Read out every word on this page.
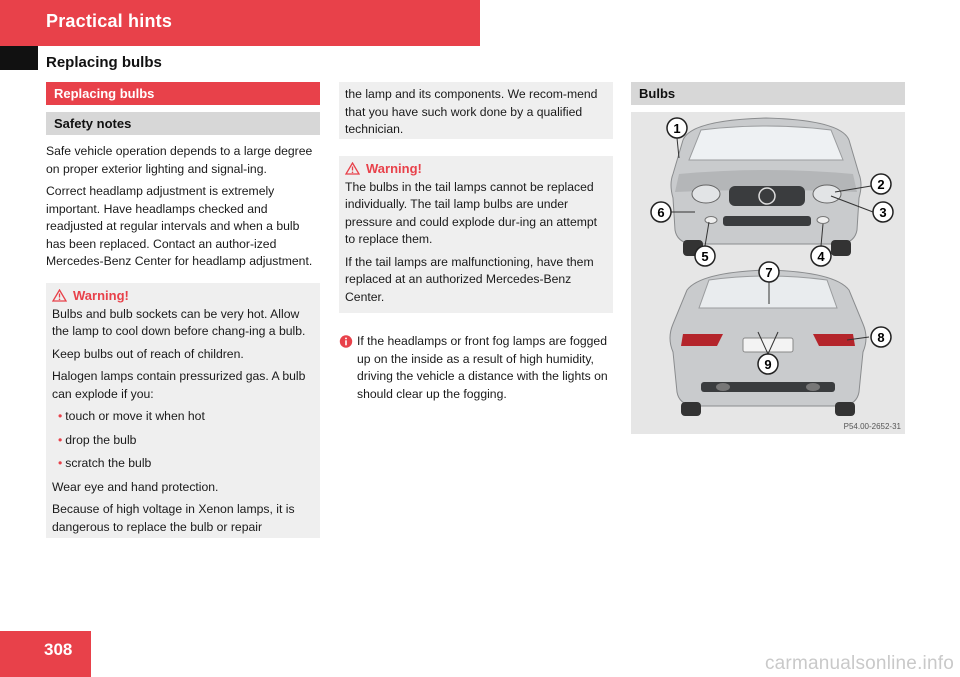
Practical hints
Replacing bulbs
Replacing bulbs
Safety notes

Safe vehicle operation depends to a large degree on proper exterior lighting and signal-ing.

Correct headlamp adjustment is extremely important. Have headlamps checked and readjusted at regular intervals and when a bulb has been replaced. Contact an author-ized Mercedes-Benz Center for headlamp adjustment.

Warning!

Bulbs and bulb sockets can be very hot. Allow the lamp to cool down before chang-ing a bulb.

Keep bulbs out of reach of children.

Halogen lamps contain pressurized gas. A bulb can explode if you:

• touch or move it when hot

• drop the bulb

• scratch the bulb

Wear eye and hand protection.

Because of high voltage in Xenon lamps, it is dangerous to replace the bulb or repair

the lamp and its components. We recom-mend that you have such work done by a qualified technician.

Warning!

The bulbs in the tail lamps cannot be replaced individually. The tail lamp bulbs are under pressure and could explode dur-ing an attempt to replace them.

If the tail lamps are malfunctioning, have them replaced at an authorized Mercedes-Benz Center.

If the headlamps or front fog lamps are fogged up on the inside as a result of high humidity, driving the vehicle a distance with the lights on should clear up the fogging.
Bulbs
1
2
3
4
5
6
7
8
9
P54.00-2652-31
308
carmanualsonline.info
